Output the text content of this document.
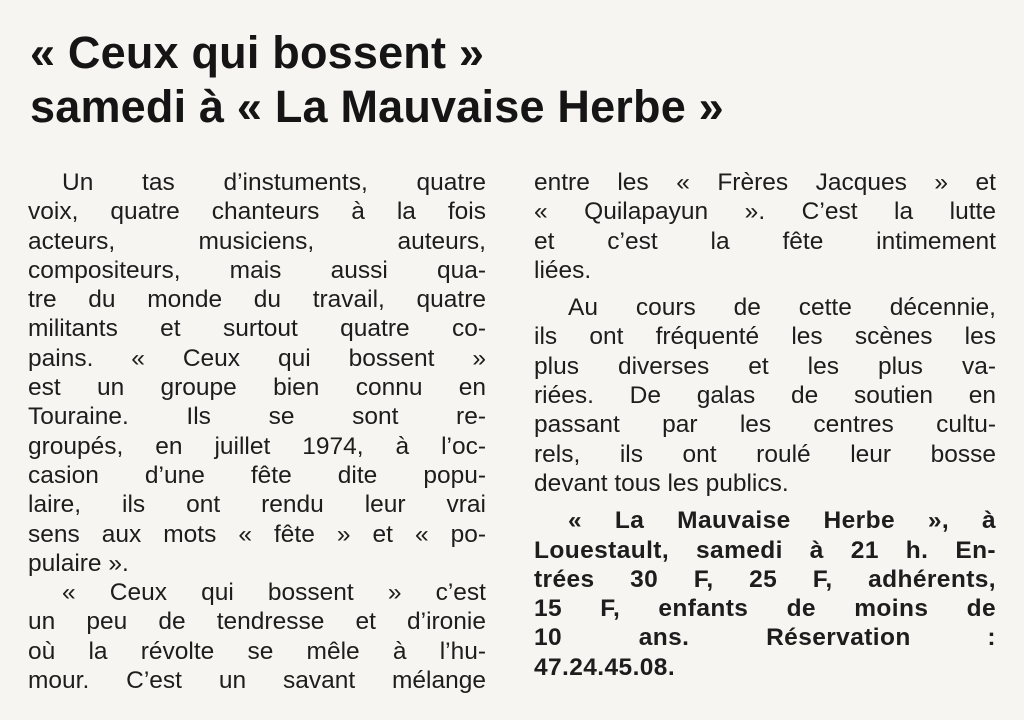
« Ceux qui bossent »
samedi à « La Mauvaise Herbe »

Un tas d’instuments, quatre
voix, quatre chanteurs à la fois
acteurs, musiciens, auteurs,
compositeurs, mais aussi qua-
tre du monde du travail, quatre
militants et surtout quatre co-
pains. « Ceux qui bossent »
est un groupe bien connu en
Touraine. Ils se sont re-
groupés, en juillet 1974, à l’oc-
casion d’une fête dite popu-
laire, ils ont rendu leur vrai
sens aux mots « fête » et « po-
pulaire ».

« Ceux qui bossent » c’est
un peu de tendresse et d’ironie
où la révolte se mêle à l’hu-
mour. C’est un savant mélange

entre les « Frères Jacques » et
« Quilapayun ». C’est la lutte
et c’est la fête intimement
liées.

Au cours de cette décennie,
ils ont fréquenté les scènes les
plus diverses et les plus va-
riées. De galas de soutien en
passant par les centres cultu-
rels, ils ont roulé leur bosse
devant tous les publics.

« La Mauvaise Herbe », à
Louestault, samedi à 21 h. En-
trées 30 F, 25 F, adhérents,
15 F, enfants de moins de
10 ans. Réservation :
47.24.45.08.
